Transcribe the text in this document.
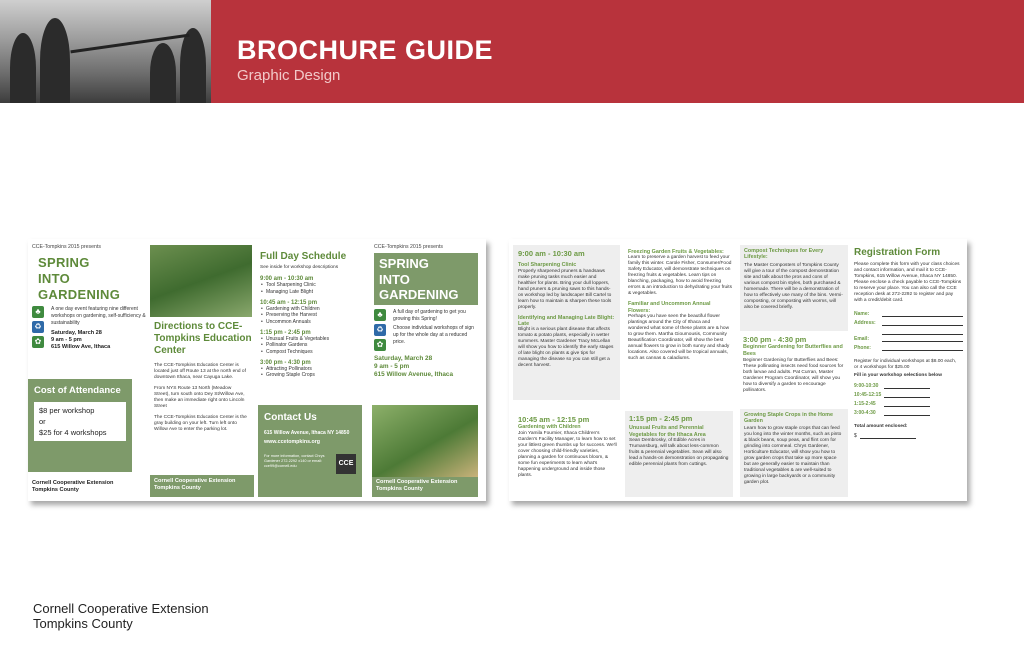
BROCHURE GUIDE
Graphic Design
CCE-Tompkins 2015 presents
SPRING
INTO
GARDENING
♣ ♻ ✿
A one day event featuring nine different workshops on gardening, self-sufficiency & sustainability
Saturday, March 28
9 am - 5 pm
615 Willow Ave, Ithaca
Cost of Attendance
$8 per workshop
or
$25 for 4 workshops
Cornell Cooperative Extension
Tompkins County
Directions to CCE-Tompkins Education Center
The CCE-Tompkins Education Center is located just off Route 13 at the north end of downtown Ithaca, near Cayuga Lake.
From NYS Route 13 North (Meadow Street), turn south onto Dey St/Willow Ave, then make an immediate right onto Lincoln Street
The CCE-Tompkins Education Center is the gray building on your left. Turn left onto Willow Ave to enter the parking lot.
Cornell Cooperative Extension
Tompkins County
Full Day Schedule
See inside for workshop descriptions
9:00 am - 10:30 am
• Tool Sharpening Clinic
• Managing Late Blight
10:45 am - 12:15 pm
• Gardening with Children
• Preserving the Harvest
• Uncommon Annuals
1:15 pm - 2:45 pm
• Unusual Fruits & Vegetables
• Pollinator Gardens
• Compost Techniques
3:00 pm - 4:30 pm
• Attracting Pollinators
• Growing Staple Crops
Contact Us
615 Willow Avenue, Ithaca NY 14850
www.ccetompkins.org
For more information, contact Chrys Gardener 272-2292 x140 or email: cce99@cornell.edu	CCE
CCE-Tompkins 2015 presents
SPRING
INTO
GARDENING
♣ ♻ ✿
A full day of gardening to get you growing this Spring!
Choose individual workshops of sign up for the whole day at a reduced price.
Saturday, March 28
9 am - 5 pm
615 Willow Avenue, Ithaca
Cornell Cooperative Extension
Tompkins County
9:00 am - 10:30 am
Tool Sharpening Clinic
Properly sharpened pruners & handsaws make pruning tasks much easier and healthier for plants. Bring your dull loppers, hand pruners & pruning saws to this hands-on workshop led by landscaper Bill Cartel to learn how to maintain & sharpen these tools properly.
Identifying and Managing Late Blight: Late
Blight is a serious plant disease that affects tomato & potato plants, especially in wetter summers. Master Gardener Tracy McLellan will show you how to identify the early stages of late blight on plants & give tips for managing the disease so you can still get a decent harvest.
10:45 am - 12:15 pm
Gardening with Children
Join Yamila Fournier, Ithaca Children's Garden's Facility Manager, to learn how to set your littlest green thumbs up for success. We'll cover choosing child-friendly varieties, planning a garden for continuous bloom, & some fun experiments to learn what's happening underground and inside those plants.
Freezing Garden Fruits & Vegetables:
Learn to preserve a garden harvest to feed your family this winter. Carole Fisher, Consumer/Food Safety Educator, will demonstrate techniques on freezing fruits & vegetables. Learn tips on blanching, packaging, how to avoid freezing errors & an introduction to dehydrating your fruits & vegetables.
Familiar and Uncommon Annual Flowers:
Perhaps you have seen the beautiful flower plantings around the City of Ithaca and wondered what some of these plants are & how to grow them. Martha Gioumousis, Community Beautification Coordinator, will show the best annual flowers to grow in both sunny and shady locations. Also covered will be tropical annuals, such as cannas & caladiums.
1:15 pm - 2:45 pm
Unusual Fruits and Perennial Vegetables for the Ithaca Area
Sean Dembrosky, of Edible Acres in Trumansburg, will talk about less-common fruits & perennial vegetables. Sean will also lead a hands-on demonstration on propagating edible perennial plants from cuttings.
Compost Techniques for Every Lifestyle:
The Master Composters of Tompkins County will give a tour of the compost demonstration site and talk about the pros and cons of various compost bin styles, both purchased & homemade. There will be a demonstration of how to effectively use many of the bins. Vermi-composting, or composting with worms, will also be covered briefly.
3:00 pm - 4:30 pm
Beginner Gardening for Butterflies and Bees
Beginner Gardening for Butterflies and Bees: These pollinating insects need food sources for both larvae and adults. Pat Curran, Master Gardener Program Coordinator, will show you how to diversify a garden to encourage pollinators.
Growing Staple Crops in the Home Garden
Learn how to grow staple crops that can feed you long into the winter months, such as pinto & black beans, soup peas, and flint corn for grinding into cornmeal. Chrys Gardener, Horticulture Educator, will show you how to grow garden crops that take up more space but are generally easier to maintain than traditional vegetables & are well-suited to growing in large backyards or a community garden plot.
Registration Form
Please complete this form with your class choices and contact information, and mail it to CCE-Tompkins, 615 Willow Avenue, Ithaca NY 14850. Please enclose a check payable to CCE-Tompkins to reserve your place. You can also call the CCE reception desk at 272-2292 to register and pay with a credit/debit card.
Name:
Address:
Email:
Phone:
Register for individual workshops at $8.00 each,
or 4 workshops for $25.00
Fill in your workshop selections below
9:00-10:30
10:45-12:15
1:15-2:45
3:00-4:30
Total amount enclosed:
$
Cornell Cooperative Extension
Tompkins County
